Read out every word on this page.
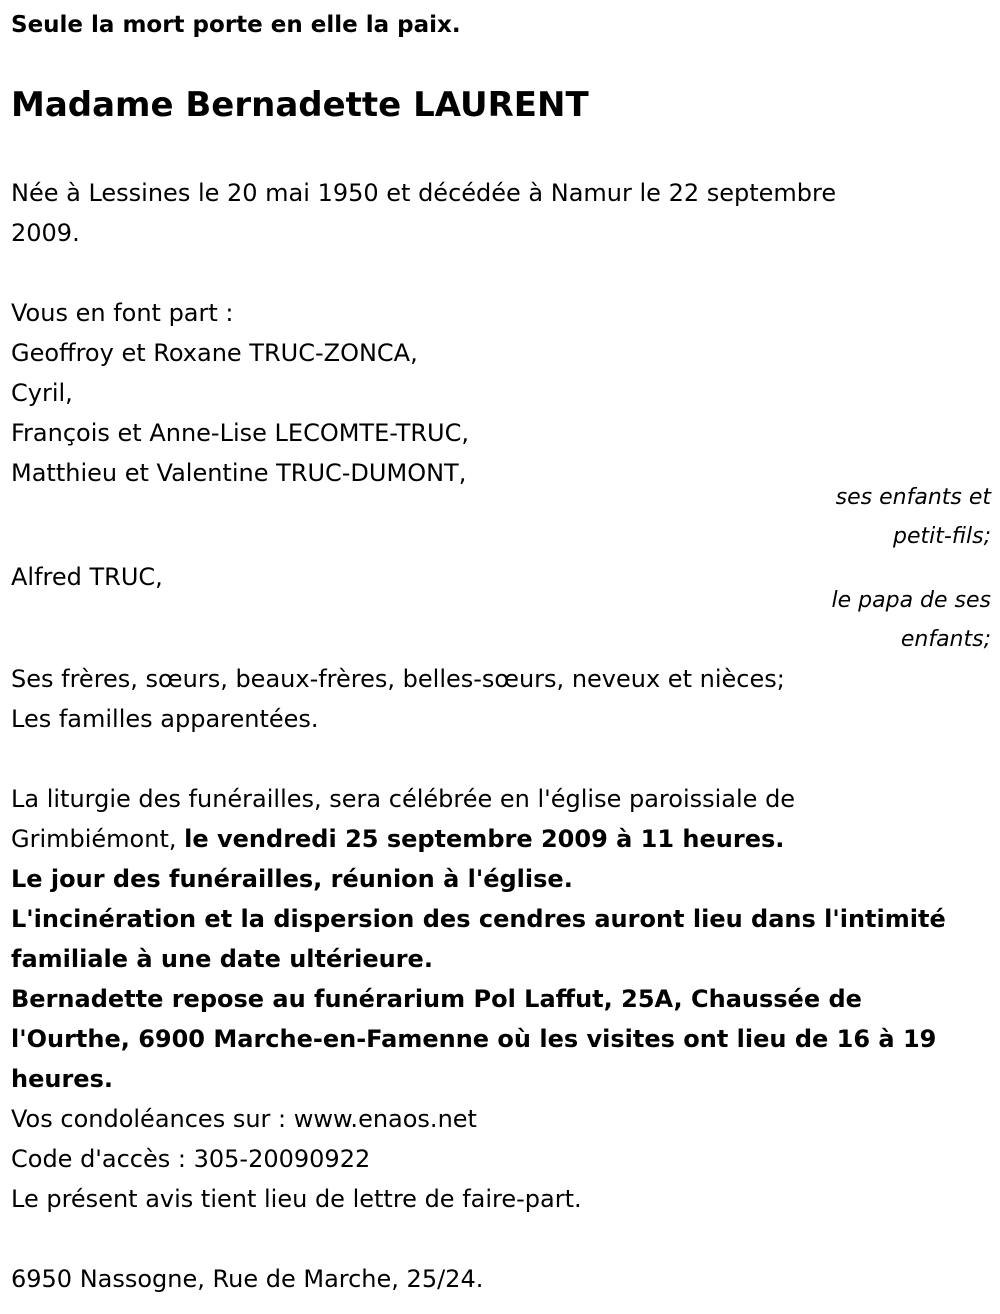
Seule la mort porte en elle la paix.
Madame Bernadette LAURENT
Née à Lessines le 20 mai 1950 et décédée à Namur le 22 septembre
2009.
Vous en font part :
Geoffroy et Roxane TRUC-ZONCA,
Cyril,
François et Anne-Lise LECOMTE-TRUC,
Matthieu et Valentine TRUC-DUMONT,
ses enfants et
petit-fils;
Alfred TRUC,
le papa de ses
enfants;
Ses frères, sœurs, beaux-frères, belles-sœurs, neveux et nièces;
Les familles apparentées.
La liturgie des funérailles, sera célébrée en l'église paroissiale de
Grimbiémont, le vendredi 25 septembre 2009 à 11 heures.
Le jour des funérailles, réunion à l'église.
L'incinération et la dispersion des cendres auront lieu dans l'intimité
familiale à une date ultérieure.
Bernadette repose au funérarium Pol Laffut, 25A, Chaussée de
l'Ourthe, 6900 Marche-en-Famenne où les visites ont lieu de 16 à 19
heures.
Vos condoléances sur : www.enaos.net
Code d'accès : 305-20090922
Le présent avis tient lieu de lettre de faire-part.
6950 Nassogne, Rue de Marche, 25/24.
